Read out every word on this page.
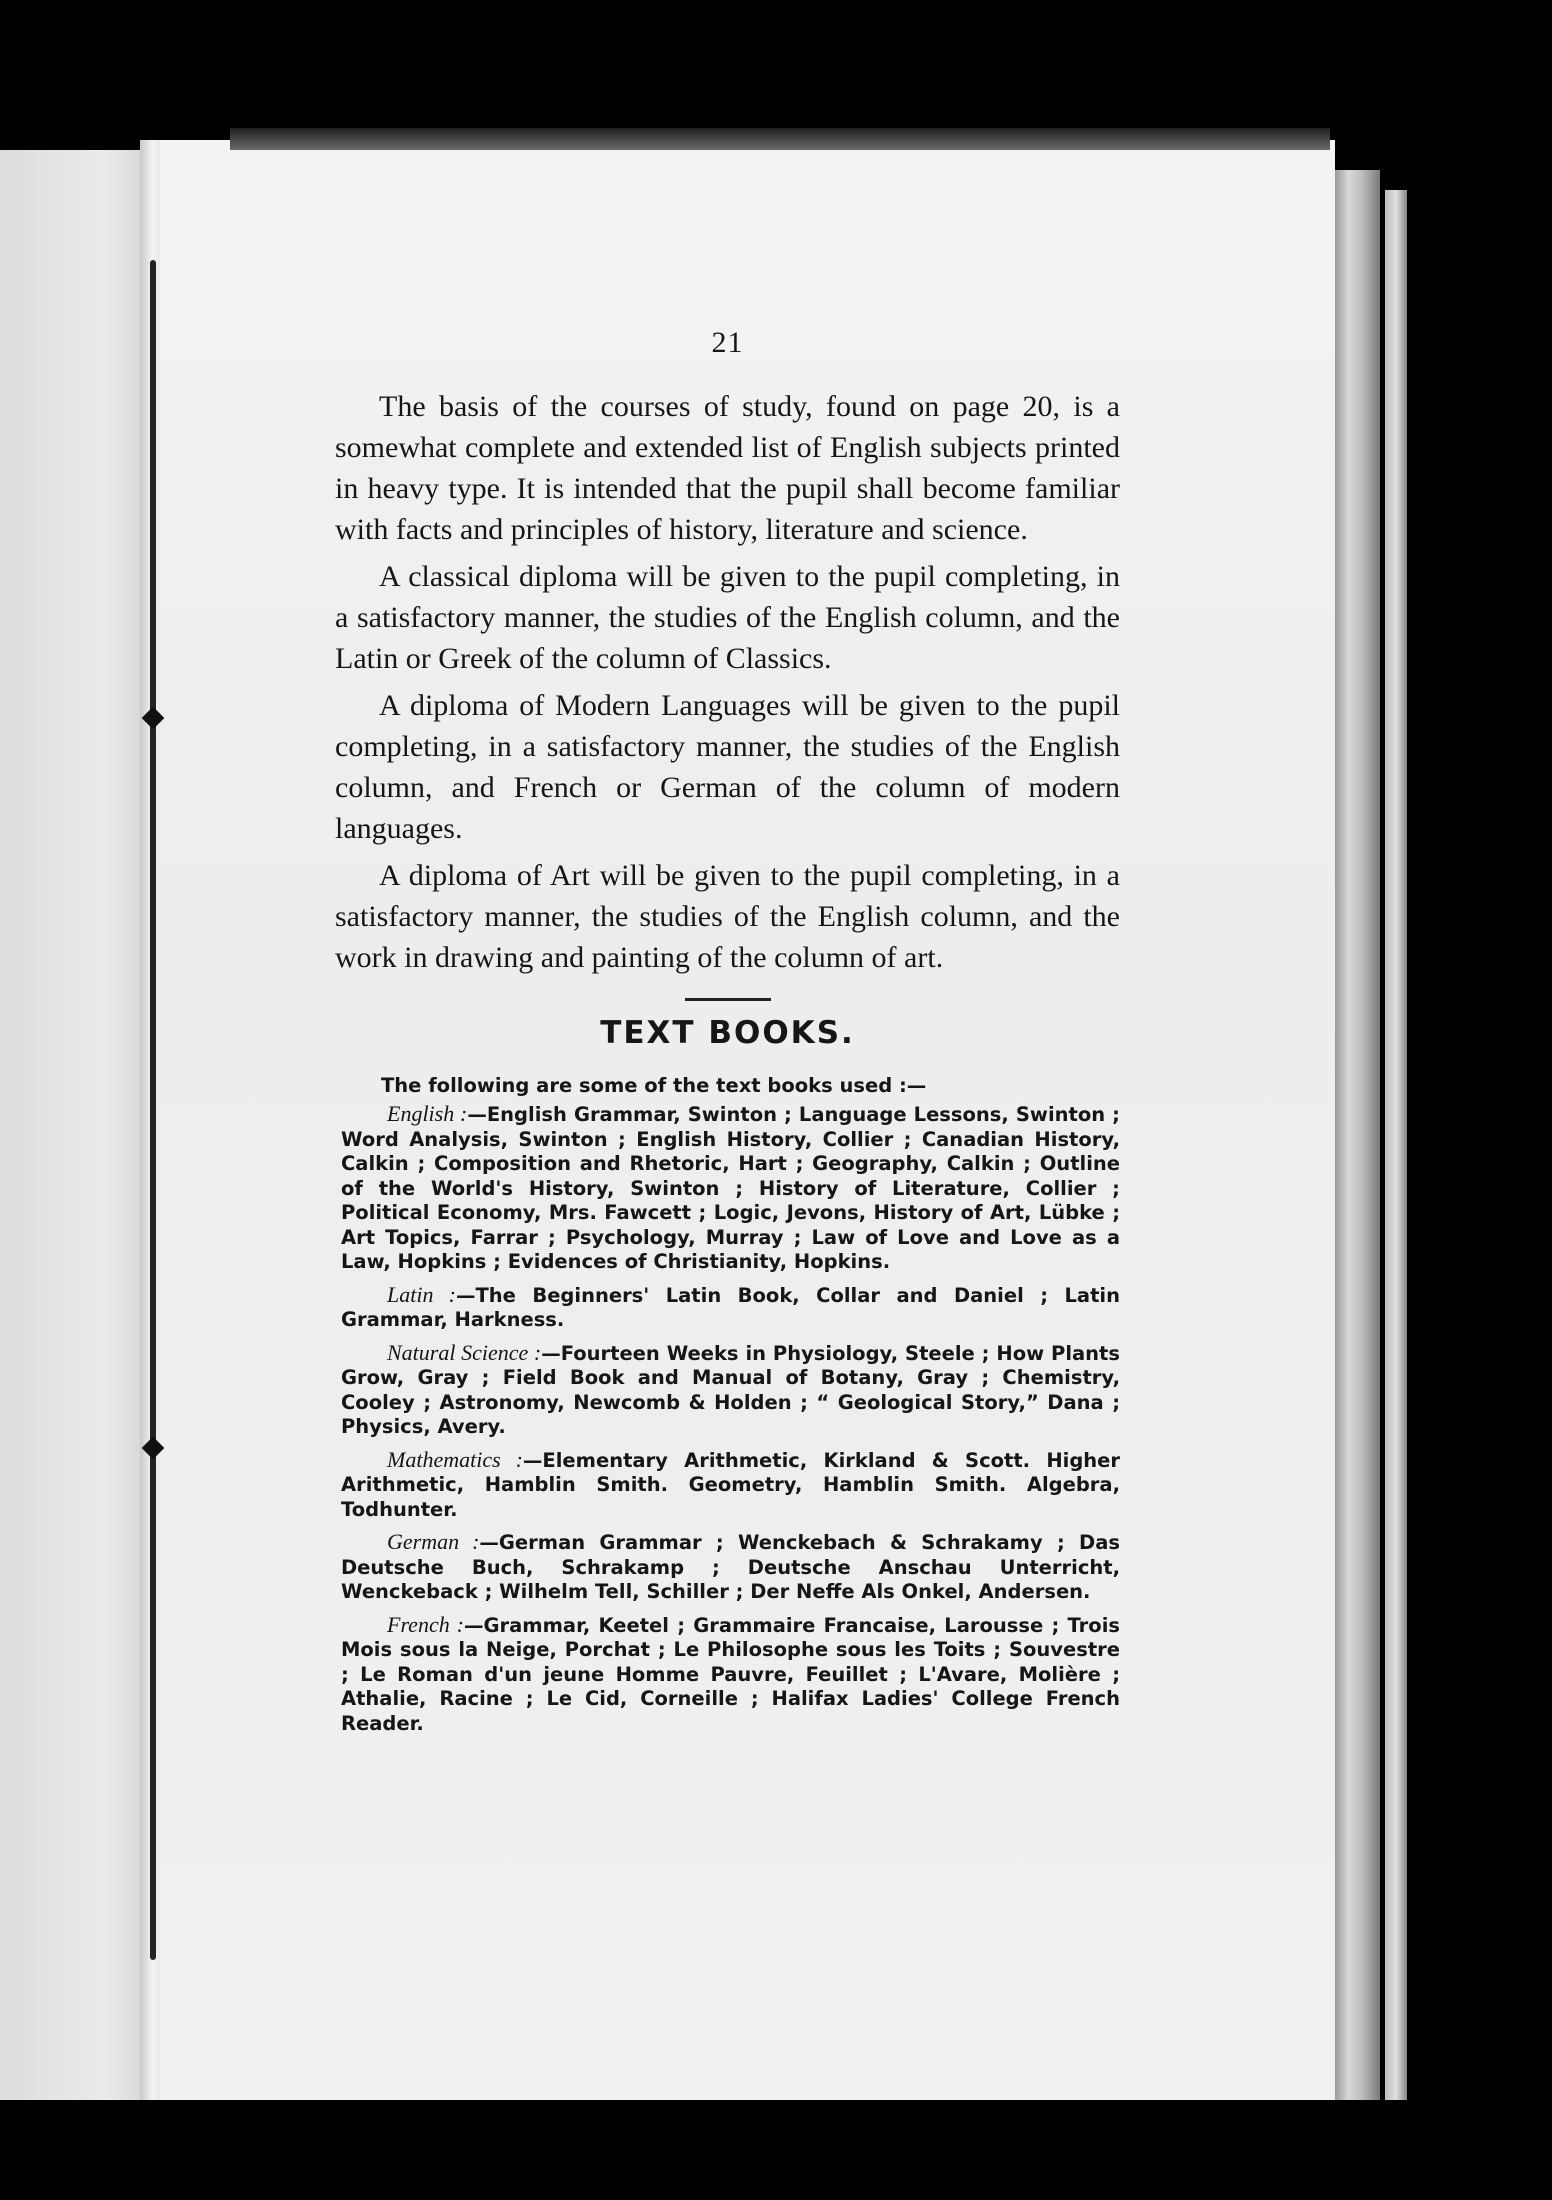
21

The basis of the courses of study, found on page 20, is a somewhat complete and extended list of English subjects printed in heavy type. It is intended that the pupil shall become familiar with facts and principles of history, literature and science.

A classical diploma will be given to the pupil completing, in a satisfactory manner, the studies of the English column, and the Latin or Greek of the column of Classics.

A diploma of Modern Languages will be given to the pupil completing, in a satisfactory manner, the studies of the English column, and French or German of the column of modern languages.

A diploma of Art will be given to the pupil completing, in a satisfactory manner, the studies of the English column, and the work in drawing and painting of the column of art.

TEXT BOOKS.

The following are some of the text books used :—

English :—English Grammar, Swinton ; Language Lessons, Swinton ; Word Analysis, Swinton ; English History, Collier ; Canadian History, Calkin ; Composition and Rhetoric, Hart ; Geography, Calkin ; Outline of the World's History, Swinton ; History of Literature, Collier ; Political Economy, Mrs. Fawcett ; Logic, Jevons, History of Art, Lübke ; Art Topics, Farrar ; Psychology, Murray ; Law of Love and Love as a Law, Hopkins ; Evidences of Christianity, Hopkins.

Latin :—The Beginners' Latin Book, Collar and Daniel ; Latin Grammar, Harkness.

Natural Science :—Fourteen Weeks in Physiology, Steele ; How Plants Grow, Gray ; Field Book and Manual of Botany, Gray ; Chemistry, Cooley ; Astronomy, Newcomb & Holden ; “ Geological Story,” Dana ; Physics, Avery.

Mathematics :—Elementary Arithmetic, Kirkland & Scott. Higher Arithmetic, Hamblin Smith. Geometry, Hamblin Smith. Algebra, Todhunter.

German :—German Grammar ; Wenckebach & Schrakamy ; Das Deutsche Buch, Schrakamp ; Deutsche Anschau Unterricht, Wenckeback ; Wilhelm Tell, Schiller ; Der Neffe Als Onkel, Andersen.

French :—Grammar, Keetel ; Grammaire Francaise, Larousse ; Trois Mois sous la Neige, Porchat ; Le Philosophe sous les Toits ; Souvestre ; Le Roman d'un jeune Homme Pauvre, Feuillet ; L'Avare, Molière ; Athalie, Racine ; Le Cid, Corneille ; Halifax Ladies' College French Reader.
